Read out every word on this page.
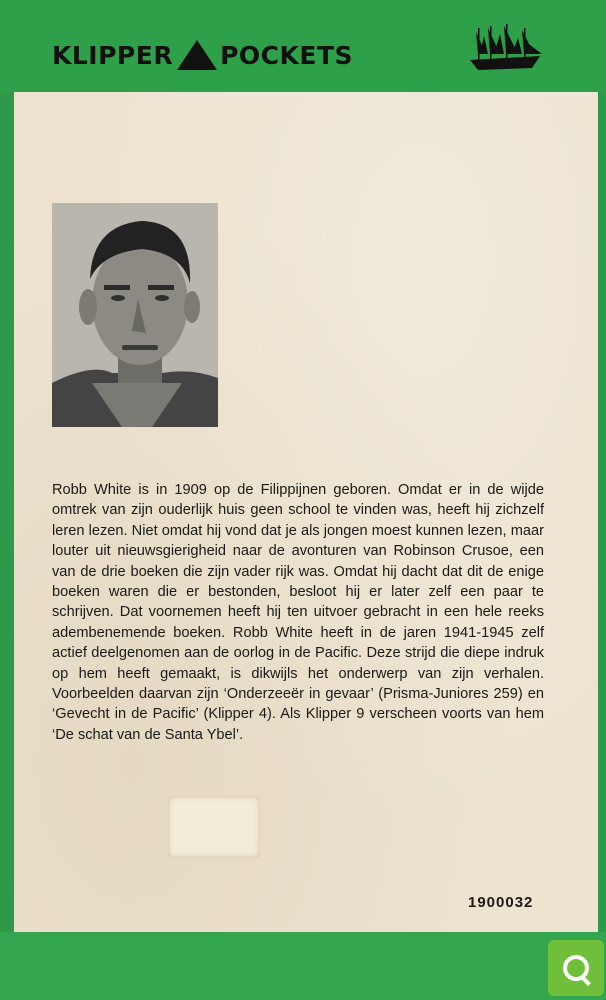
KLIPPER POCKETS

Robb White is in 1909 op de Filippijnen geboren. Omdat er in de wijde omtrek van zijn ouderlijk huis geen school te vinden was, heeft hij zichzelf leren lezen. Niet omdat hij vond dat je als jongen moest kunnen lezen, maar louter uit nieuwsgierigheid naar de avonturen van Robinson Crusoe, een van de drie boeken die zijn vader rijk was. Omdat hij dacht dat dit de enige boeken waren die er bestonden, besloot hij er later zelf een paar te schrijven. Dat voornemen heeft hij ten uitvoer gebracht in een hele reeks adembenemende boeken. Robb White heeft in de jaren 1941-1945 zelf actief deelgenomen aan de oorlog in de Pacific. Deze strijd die diepe indruk op hem heeft gemaakt, is dikwijls het onderwerp van zijn verhalen. Voorbeelden daarvan zijn ‘Onderzeeër in gevaar’ (Prisma-Juniores 259) en ‘Gevecht in de Pacific’ (Klipper 4). Als Klipper 9 verscheen voorts van hem ‘De schat van de Santa Ybel’.

1900032
